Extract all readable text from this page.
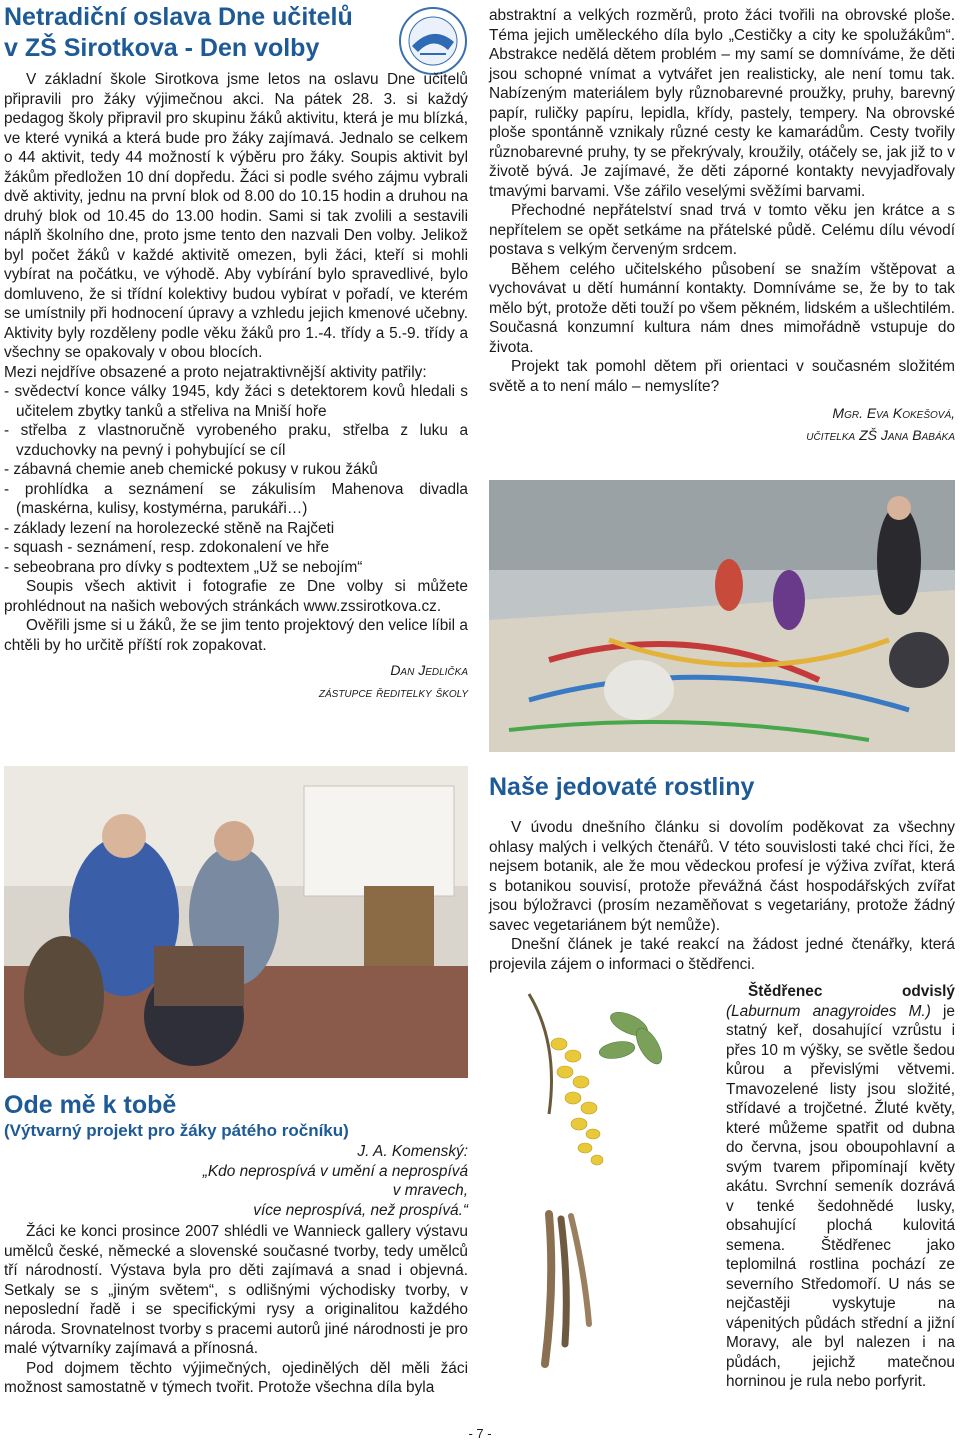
Netradiční oslava Dne učitelů
v ZŠ Sirotkova - Den volby

V základní škole Sirotkova jsme letos na oslavu Dne učitelů připravili pro žáky výjimečnou akci. Na pátek 28. 3. si každý pedagog školy připravil pro skupinu žáků aktivitu, která je mu blízká, ve které vyniká a která bude pro žáky zajímavá. Jednalo se celkem o 44 aktivit, tedy 44 možností k výběru pro žáky. Soupis aktivit byl žákům předložen 10 dní dopředu. Žáci si podle svého zájmu vybrali dvě aktivity, jednu na první blok od 8.00 do 10.15 hodin a druhou na druhý blok od 10.45 do 13.00 hodin. Sami si tak zvolili a sestavili náplň školního dne, proto jsme tento den nazvali Den volby. Jelikož byl počet žáků v každé aktivitě omezen, byli žáci, kteří si mohli vybírat na počátku, ve výhodě. Aby vybírání bylo spravedlivé, bylo domluveno, že si třídní kolektivy budou vybírat v pořadí, ve kterém se umístnily při hodnocení úpravy a vzhledu jejich kmenové učebny. Aktivity byly rozděleny podle věku žáků pro 1.-4. třídy a 5.-9. třídy a všechny se opakovaly v obou blocích.

Mezi nejdříve obsazené a proto nejatraktivnější aktivity patřily:

- svědectví konce války 1945, kdy žáci s detektorem kovů hledali s učitelem zbytky tanků a střeliva na Mniší hoře
- střelba z vlastnoručně vyrobeného praku, střelba z luku a vzduchovky na pevný i pohybující se cíl
- zábavná chemie aneb chemické pokusy v rukou žáků
- prohlídka a seznámení se zákulisím Mahenova divadla (maskérna, kulisy, kostymérna, parukáři…)
- základy lezení na horolezecké stěně na Rajčeti
- squash - seznámení, resp. zdokonalení ve hře
- sebeobrana pro dívky s podtextem „Už se nebojím“

Soupis všech aktivit i fotografie ze Dne volby si můžete prohlédnout na našich webových stránkách www.zssirotkova.cz.

Ověřili jsme si u žáků, že se jim tento projektový den velice líbil a chtěli by ho určitě příští rok zopakovat.

Dan Jedlička
zástupce ředitelky školy
Ode mě k tobě
(Výtvarný projekt pro žáky pátého ročníku)
J. A. Komenský:
„Kdo neprospívá v umění a neprospívá v mravech,
více neprospívá, než prospívá.“

Žáci ke konci prosince 2007 shlédli ve Wannieck gallery výstavu umělců české, německé a slovenské současné tvorby, tedy umělců tří národností. Výstava byla pro děti zajímavá a snad i objevná. Setkaly se s „jiným světem“, s odlišnými východisky tvorby, v neposlední řadě i se specifickými rysy a originalitou každého národa. Srovnatelnost tvorby s pracemi autorů jiné národnosti je pro malé výtvarníky zajímavá a přínosná.

Pod dojmem těchto výjimečných, ojedinělých děl měli žáci možnost samostatně v týmech tvořit. Protože všechna díla byla

abstraktní a velkých rozměrů, proto žáci tvořili na obrovské ploše. Téma jejich uměleckého díla bylo „Cestičky a city ke spolužákům“. Abstrakce nedělá dětem problém – my samí se domníváme, že děti jsou schopné vnímat a vytvářet jen realisticky, ale není tomu tak. Nabízeným materiálem byly různobarevné proužky, pruhy, barevný papír, ruličky papíru, lepidla, křídy, pastely, tempery. Na obrovské ploše spontánně vznikaly různé cesty ke kamarádům. Cesty tvořily různobarevné pruhy, ty se překrývaly, kroužily, otáčely se, jak již to v životě bývá. Je zajímavé, že děti záporné kontakty nevyjadřovaly tmavými barvami. Vše zářilo veselými svěžími barvami.

Přechodné nepřátelství snad trvá v tomto věku jen krátce a s nepřítelem se opět setkáme na přátelské půdě. Celému dílu vévodí postava s velkým červeným srdcem.

Během celého učitelského působení se snažím vštěpovat a vychovávat u dětí humánní kontakty. Domníváme se, že by to tak mělo být, protože děti touží po všem pěkném, lidském a ušlechtilém. Současná konzumní kultura nám dnes mimořádně vstupuje do života.

Projekt tak pomohl dětem při orientaci v současném složitém světě a to není málo – nemyslíte?

Mgr. Eva Kokešová,
učitelka ZŠ Jana Babáka
Naše jedovaté rostliny

V úvodu dnešního článku si dovolím poděkovat za všechny ohlasy malých i velkých čtenářů. V této souvislosti také chci říci, že nejsem botanik, ale že mou vědeckou profesí je výživa zvířat, která s botanikou souvisí, protože převážná část hospodářských zvířat jsou býložravci (prosím nezaměňovat s vegetariány, protože žádný savec vegetariánem být nemůže).

Dnešní článek je také reakcí na žádost jedné čtenářky, která projevila zájem o informaci o štědřenci.

Štědřenec odvislý (Laburnum anagyroides M.) je statný keř, dosahující vzrůstu i přes 10 m výšky, se světle šedou kůrou a převislými větvemi. Tmavozelené listy jsou složité, střídavé a trojčetné. Žluté květy, které můžeme spatřit od dubna do června, jsou oboupohlavní a svým tvarem připomínají květy akátu. Svrchní semeník dozrává v tenké šedohnědé lusky, obsahující plochá kulovitá semena. Štědřenec jako teplomilná rostlina pochází ze severního Středomoří. U nás se nejčastěji vyskytuje na vápenitých půdách střední a jižní Moravy, ale byl nalezen i na půdách, jejichž matečnou horninou je rula nebo porfyrit.

- 7 -
